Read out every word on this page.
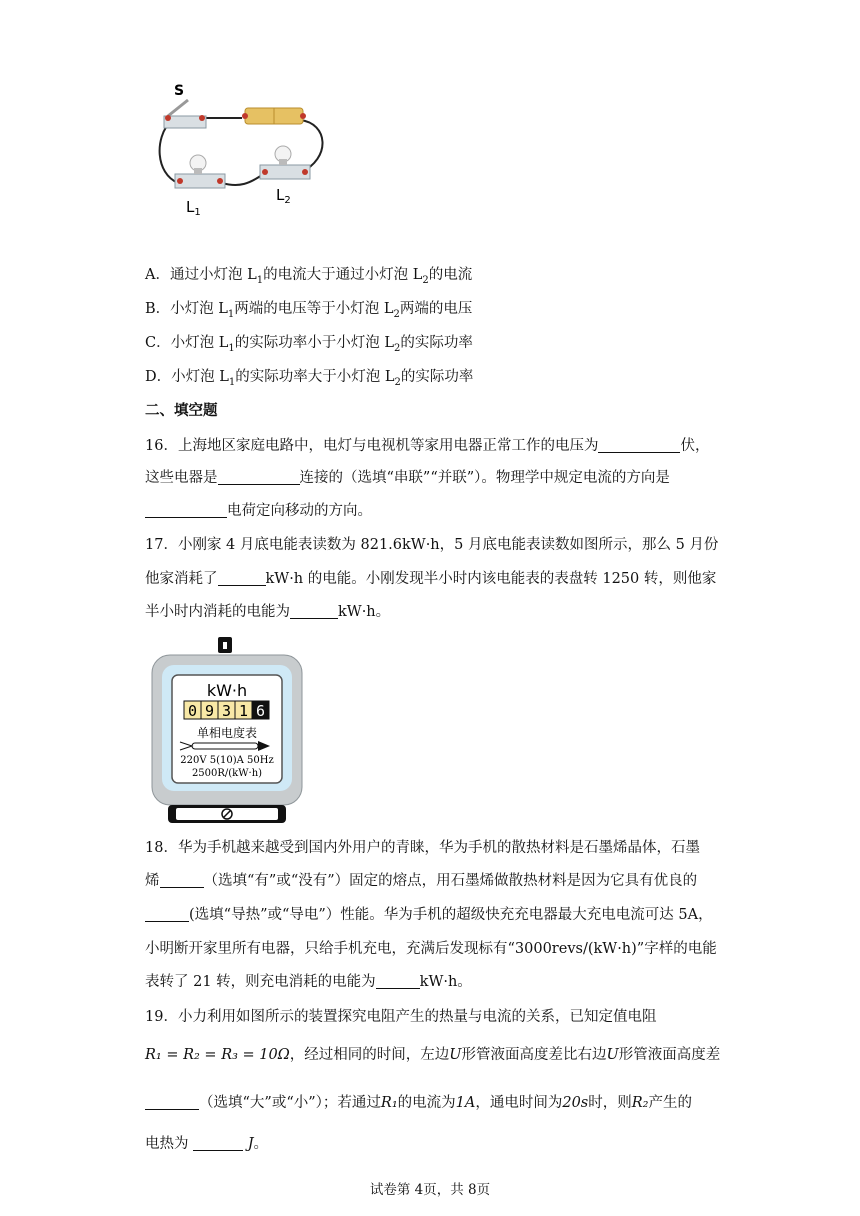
S
$L_1$
$L_2$
A．通过小灯泡 $L_1$的电流大于通过小灯泡 $L_2$的电流
B．小灯泡 $L_1$两端的电压等于小灯泡 $L_2$两端的电压
C．小灯泡 $L_1$的实际功率小于小灯泡 $L_2$的实际功率
D．小灯泡 $L_1$的实际功率大于小灯泡 $L_2$的实际功率
二、填空题
16．上海地区家庭电路中，电灯与电视机等家用电器正常工作的电压为	伏，
这些电器是	连接的（选填“串联”“并联”）。物理学中规定电流的方向是
电荷定向移动的方向。
17．小刚家 4 月底电能表读数为 821.6kW·h，5 月底电能表读数如图所示，那么 5 月份
他家消耗了	kW·h 的电能。小刚发现半小时内该电能表的表盘转 1250 转，则他家
半小时内消耗的电能为	kW·h。
kW·h
0 9 3 1 6
单相电度表
220V 5(10)A 50Hz
2500R/(kW·h)
18．华为手机越来越受到国内外用户的青睐，华为手机的散热材料是石墨烯晶体，石墨
烯	（选填“有”或“没有”）固定的熔点，用石墨烯做散热材料是因为它具有优良的
(选填“导热”或“导电”）性能。华为手机的超级快充充电器最大充电电流可达 5A，
小明断开家里所有电器，只给手机充电，充满后发现标有“3000revs/(kW·h)”字样的电能
表转了 21 转，则充电消耗的电能为	kW·h。
19．小力利用如图所示的装置探究电阻产生的热量与电流的关系，已知定值电阻
R₁ = R₂ = R₃ = 10Ω，经过相同的时间，左边U形管液面高度差比右边U形管液面高度差
（选填“大”或“小”）；若通过R₁的电流为1A，通电时间为20s时，则R₂产生的
电热为	J。
试卷第 4页，共 8页
